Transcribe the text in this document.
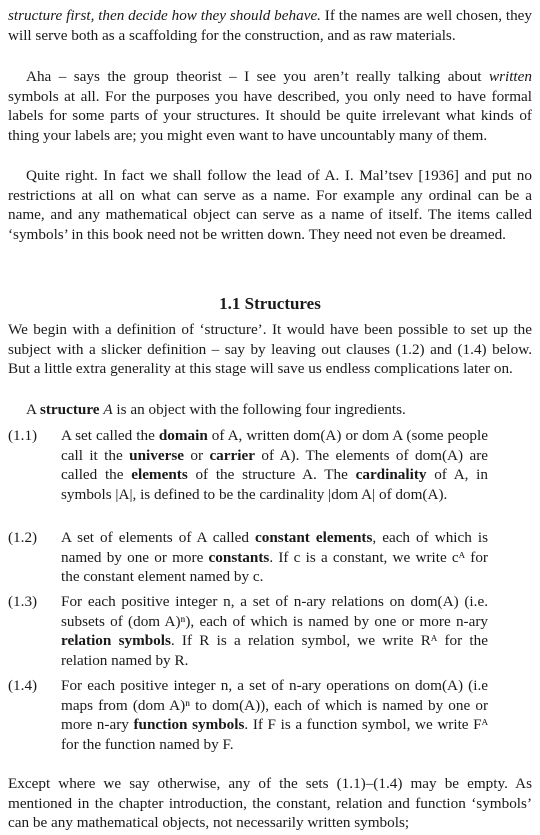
structure first, then decide how they should behave. If the names are well chosen, they will serve both as a scaffolding for the construction, and as raw materials.

Aha – says the group theorist – I see you aren’t really talking about written symbols at all. For the purposes you have described, you only need to have formal labels for some parts of your structures. It should be quite irrelevant what kinds of thing your labels are; you might even want to have uncountably many of them.

Quite right. In fact we shall follow the lead of A. I. Mal’tsev [1936] and put no restrictions at all on what can serve as a name. For example any ordinal can be a name, and any mathematical object can serve as a name of itself. The items called ‘symbols’ in this book need not be written down. They need not even be dreamed.

1.1 Structures

We begin with a definition of ‘structure’. It would have been possible to set up the subject with a slicker definition – say by leaving out clauses (1.2) and (1.4) below. But a little extra generality at this stage will save us endless complications later on.

A structure A is an object with the following four ingredients.

(1.1) A set called the domain of A, written dom(A) or dom A (some people call it the universe or carrier of A). The elements of dom(A) are called the elements of the structure A. The cardinality of A, in symbols |A|, is defined to be the cardinality |dom A| of dom(A).

(1.2) A set of elements of A called constant elements, each of which is named by one or more constants. If c is a constant, we write cᴬ for the constant element named by c.

(1.3) For each positive integer n, a set of n-ary relations on dom(A) (i.e. subsets of (dom A)ⁿ), each of which is named by one or more n-ary relation symbols. If R is a relation symbol, we write Rᴬ for the relation named by R.

(1.4) For each positive integer n, a set of n-ary operations on dom(A) (i.e maps from (dom A)ⁿ to dom(A)), each of which is named by one or more n-ary function symbols. If F is a function symbol, we write Fᴬ for the function named by F.

Except where we say otherwise, any of the sets (1.1)–(1.4) may be empty. As mentioned in the chapter introduction, the constant, relation and function ‘symbols’ can be any mathematical objects, not necessarily written symbols;
